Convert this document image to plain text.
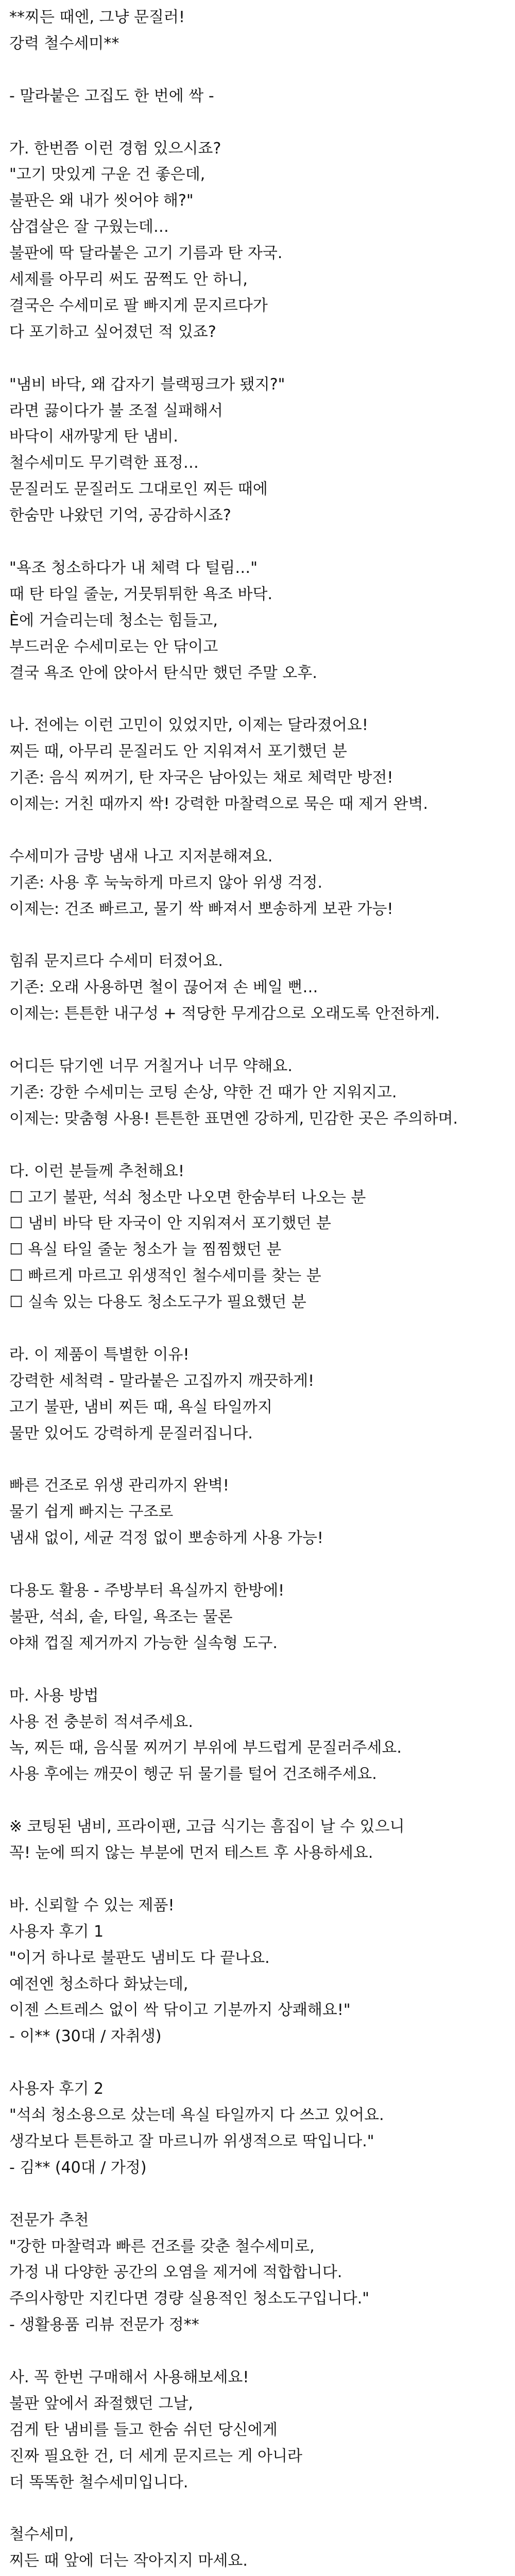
**찌든 때엔, 그냥 문질러!

강력 철수세미**

- 말라붙은 고집도 한 번에 싹 -

가. 한번쯤 이런 경험 있으시죠?

"고기 맛있게 구운 건 좋은데,

불판은 왜 내가 씻어야 해?"

삼겹살은 잘 구웠는데…

불판에 딱 달라붙은 고기 기름과 탄 자국.

세제를 아무리 써도 꿈쩍도 안 하니,

결국은 수세미로 팔 빠지게 문지르다가

다 포기하고 싶어졌던 적 있죠?

"냄비 바닥, 왜 갑자기 블랙핑크가 됐지?"

라면 끓이다가 불 조절 실패해서

바닥이 새까맣게 탄 냄비.

철수세미도 무기력한 표정…

문질러도 문질러도 그대로인 찌든 때에

한숨만 나왔던 기억, 공감하시죠?

"욕조 청소하다가 내 체력 다 털림…"

때 탄 타일 줄눈, 거뭇튀튀한 욕조 바닥.

È에 거슬리는데 청소는 힘들고,

부드러운 수세미로는 안 닦이고

결국 욕조 안에 앉아서 탄식만 했던 주말 오후.

나. 전에는 이런 고민이 있었지만, 이제는 달라졌어요!

찌든 때, 아무리 문질러도 안 지워져서 포기했던 분

기존: 음식 찌꺼기, 탄 자국은 남아있는 채로 체력만 방전!

이제는: 거친 때까지 싹! 강력한 마찰력으로 묵은 때 제거 완벽.

수세미가 금방 냄새 나고 지저분해져요.

기존: 사용 후 눅눅하게 마르지 않아 위생 걱정.

이제는: 건조 빠르고, 물기 싹 빠져서 뽀송하게 보관 가능!

힘줘 문지르다 수세미 터졌어요.

기존: 오래 사용하면 철이 끊어져 손 베일 뻔…

이제는: 튼튼한 내구성 + 적당한 무게감으로 오래도록 안전하게.

어디든 닦기엔 너무 거칠거나 너무 약해요.

기존: 강한 수세미는 코팅 손상, 약한 건 때가 안 지워지고.

이제는: 맞춤형 사용! 튼튼한 표면엔 강하게, 민감한 곳은 주의하며.

다. 이런 분들께 추천해요!

☐ 고기 불판, 석쇠 청소만 나오면 한숨부터 나오는 분

☐ 냄비 바닥 탄 자국이 안 지워져서 포기했던 분

☐ 욕실 타일 줄눈 청소가 늘 찜찜했던 분

☐ 빠르게 마르고 위생적인 철수세미를 찾는 분

☐ 실속 있는 다용도 청소도구가 필요했던 분

라. 이 제품이 특별한 이유!

강력한 세척력 - 말라붙은 고집까지 깨끗하게!

고기 불판, 냄비 찌든 때, 욕실 타일까지

물만 있어도 강력하게 문질러집니다.

빠른 건조로 위생 관리까지 완벽!

물기 쉽게 빠지는 구조로

냄새 없이, 세균 걱정 없이 뽀송하게 사용 가능!

다용도 활용 - 주방부터 욕실까지 한방에!

불판, 석쇠, 솥, 타일, 욕조는 물론

야채 껍질 제거까지 가능한 실속형 도구.

마. 사용 방법

사용 전 충분히 적셔주세요.

녹, 찌든 때, 음식물 찌꺼기 부위에 부드럽게 문질러주세요.

사용 후에는 깨끗이 헹군 뒤 물기를 털어 건조해주세요.

※ 코팅된 냄비, 프라이팬, 고급 식기는 흠집이 날 수 있으니

꼭! 눈에 띄지 않는 부분에 먼저 테스트 후 사용하세요.

바. 신뢰할 수 있는 제품!

사용자 후기 1

"이거 하나로 불판도 냄비도 다 끝나요.

예전엔 청소하다 화났는데,

이젠 스트레스 없이 싹 닦이고 기분까지 상쾌해요!"

- 이** (30대 / 자취생)

사용자 후기 2

"석쇠 청소용으로 샀는데 욕실 타일까지 다 쓰고 있어요.

생각보다 튼튼하고 잘 마르니까 위생적으로 딱입니다."

- 김** (40대 / 가정)

전문가 추천

"강한 마찰력과 빠른 건조를 갖춘 철수세미로,

가정 내 다양한 공간의 오염을 제거에 적합합니다.

주의사항만 지킨다면 경량 실용적인 청소도구입니다."

- 생활용품 리뷰 전문가 정**

사. 꼭 한번 구매해서 사용해보세요!

불판 앞에서 좌절했던 그날,

검게 탄 냄비를 들고 한숨 쉬던 당신에게

진짜 필요한 건, 더 세게 문지르는 게 아니라

더 똑똑한 철수세미입니다.

철수세미,

찌든 때 앞에 더는 작아지지 마세요.
